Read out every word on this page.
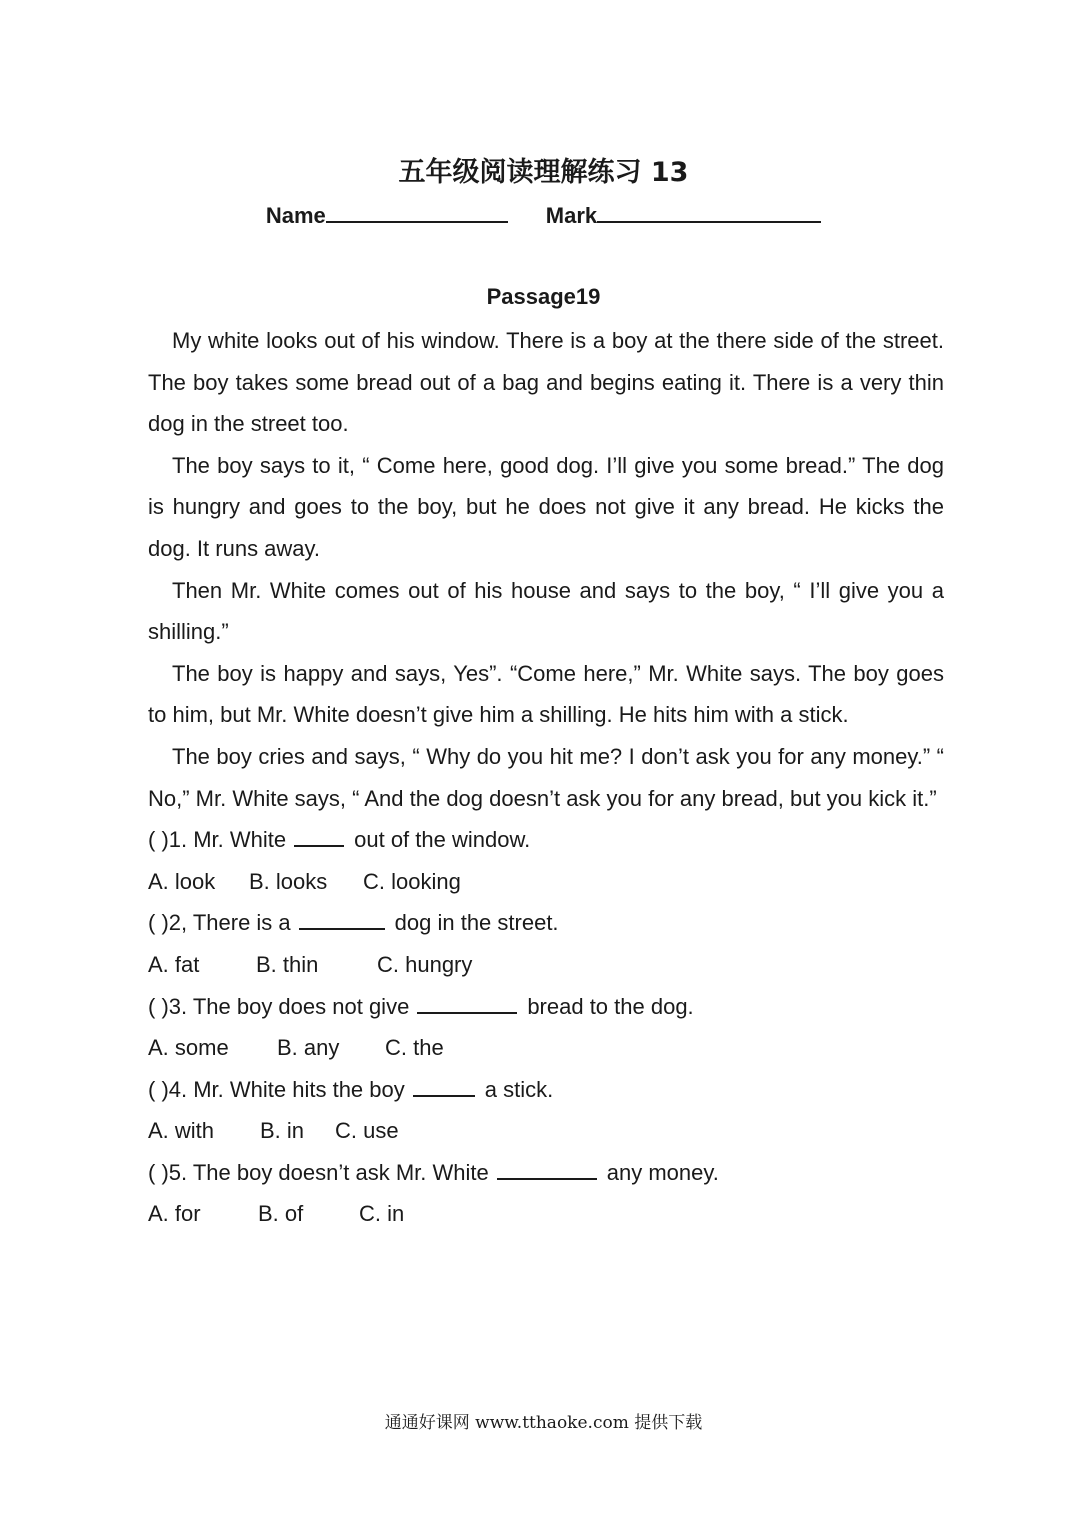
五年级阅读理解练习 13
Name	Mark
Passage19

My white looks out of his window. There is a boy at the there side of the street. The boy takes some bread out of a bag and begins eating it. There is a very thin dog in the street too.

The boy says to it, “ Come here, good dog. I’ll give you some bread.” The dog is hungry and goes to the boy, but he does not give it any bread. He kicks the dog. It runs away.

Then Mr. White comes out of his house and says to the boy, “ I’ll give you a shilling.”

The boy is happy and says, Yes”. “Come here,” Mr. White says. The boy goes to him, but Mr. White doesn’t give him a shilling. He hits him with a stick.

The boy cries and says, “ Why do you hit me? I don’t ask you for any money.” “ No,” Mr. White says, “ And the dog doesn’t ask you for any bread, but you kick it.”

( )1. Mr. White	out of the window.

A. look B. looks C. looking

( )2, There is a	dog in the street.

A. fat	B. thin	C. hungry

( )3. The boy does not give	bread to the dog.

A. some B. any C. the

( )4. Mr. White hits the boy	a stick.

A. with B. in C. use

( )5. The boy doesn’t ask Mr. White	any money.

A. for	B. of	C. in

通通好课网 www.tthaoke.com 提供下载
